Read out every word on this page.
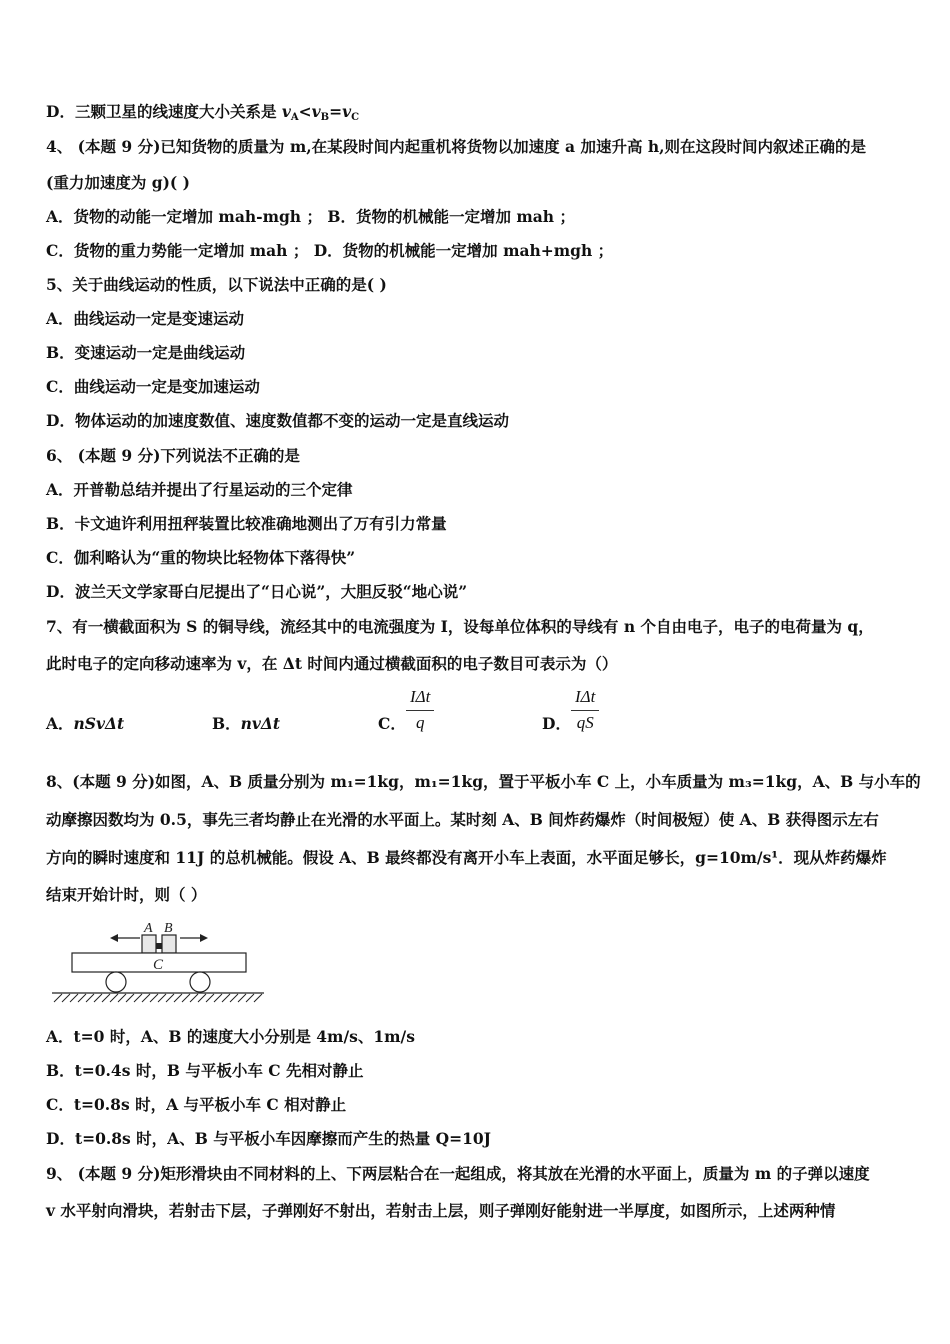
D．三颗卫星的线速度大小关系是 $v_A<v_B=v_C$
4、 (本题 9 分)已知货物的质量为 m,在某段时间内起重机将货物以加速度 a 加速升高 h,则在这段时间内叙述正确的是
(重力加速度为 g)( )
A．货物的动能一定增加 mah-mgh ； B．货物的机械能一定增加 mah ；
C．货物的重力势能一定增加 mah ； D．货物的机械能一定增加 mah+mgh ；
5、关于曲线运动的性质，以下说法中正确的是( )
A．曲线运动一定是变速运动
B．变速运动一定是曲线运动
C．曲线运动一定是变加速运动
D．物体运动的加速度数值、速度数值都不变的运动一定是直线运动
6、 (本题 9 分)下列说法不正确的是
A．开普勒总结并提出了行星运动的三个定律
B．卡文迪许利用扭秤装置比较准确地测出了万有引力常量
C．伽利略认为“重的物块比轻物体下落得快”
D．波兰天文学家哥白尼提出了“日心说”，大胆反驳“地心说”
7、有一横截面积为 S 的铜导线，流经其中的电流强度为 I，设每单位体积的导线有 n 个自由电子，电子的电荷量为 q，
此时电子的定向移动速率为 v，在 Δt 时间内通过横截面积的电子数目可表示为（）
A．nSvΔt	B．nvΔt	C．
IΔt
q	D．
IΔt
qS
8、(本题 9 分)如图，A、B 质量分别为 m₁=1kg，m₁=1kg，置于平板小车 C 上，小车质量为 m₃=1kg，A、B 与小车的
动摩擦因数均为 0.5，事先三者均静止在光滑的水平面上。某时刻 A、B 间炸药爆炸（时间极短）使 A、B 获得图示左右
方向的瞬时速度和 11J 的总机械能。假设 A、B 最终都没有离开小车上表面，水平面足够长，g=10m/s¹．现从炸药爆炸
结束开始计时，则（ ）
A B
C
A．t=0 时，A、B 的速度大小分别是 4m/s、1m/s
B．t=0.4s 时，B 与平板小车 C 先相对静止
C．t=0.8s 时，A 与平板小车 C 相对静止
D．t=0.8s 时，A、B 与平板小车因摩擦而产生的热量 Q=10J
9、 (本题 9 分)矩形滑块由不同材料的上、下两层粘合在一起组成，将其放在光滑的水平面上，质量为 m 的子弹以速度
v 水平射向滑块，若射击下层，子弹刚好不射出，若射击上层，则子弹刚好能射进一半厚度，如图所示，上述两种情
